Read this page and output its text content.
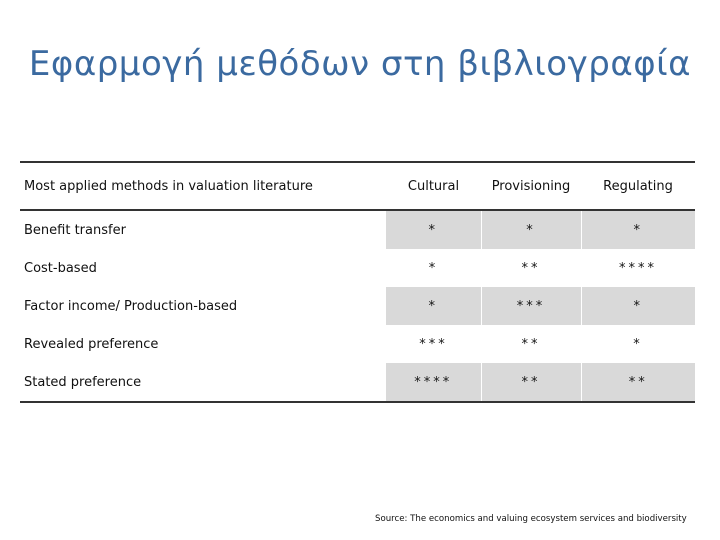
Εφαρμογή μεθόδων στη βιβλιογραφία
Most applied methods in valuation literature	Cultural	Provisioning	Regulating
Benefit transfer	*	*	*
Cost-based	*	**	****
Factor income/ Production-based	*	***	*
Revealed preference	***	**	*
Stated preference	****	**	**
Source: The economics and valuing ecosystem services and biodiversity
